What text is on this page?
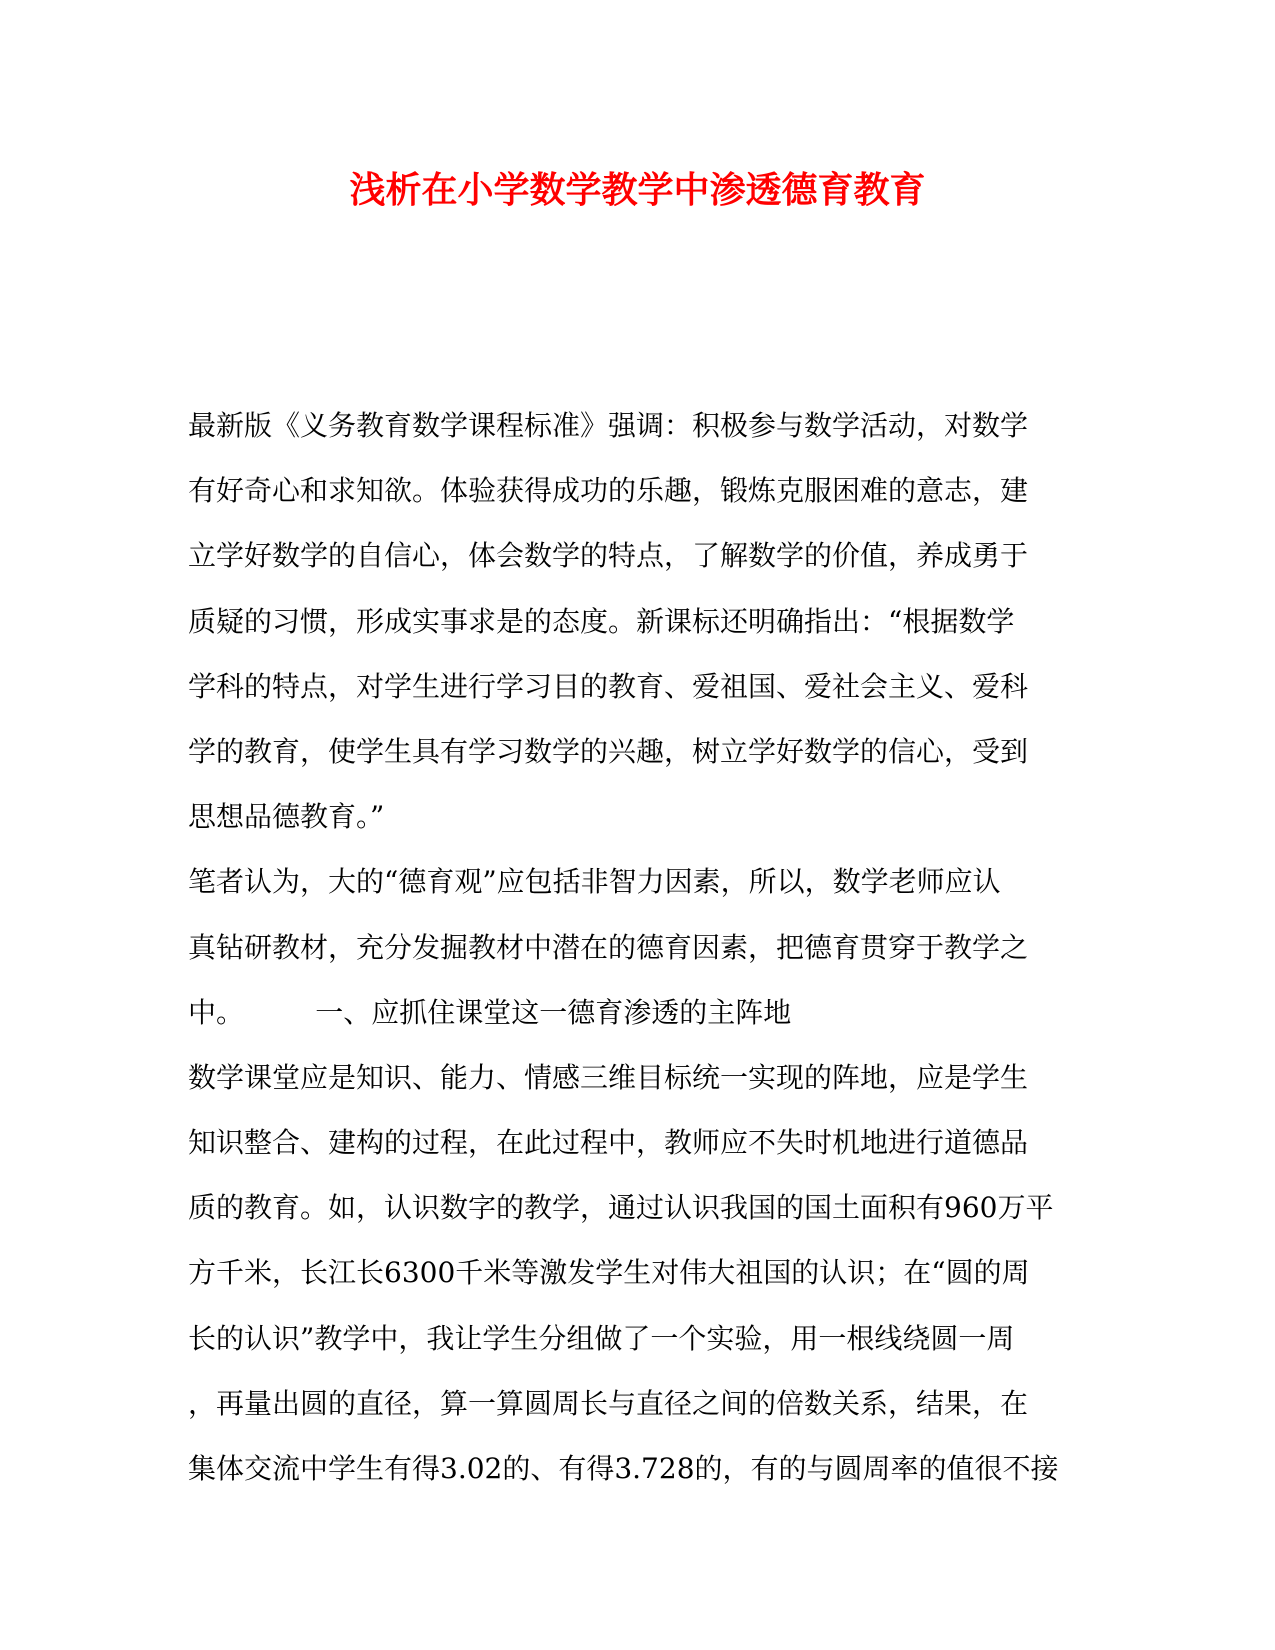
浅析在小学数学教学中渗透德育教育
最新版《义务教育数学课程标准》强调：积极参与数学活动，对数学
有好奇心和求知欲。体验获得成功的乐趣，锻炼克服困难的意志，建
立学好数学的自信心，体会数学的特点，了解数学的价值，养成勇于
质疑的习惯，形成实事求是的态度。新课标还明确指出：“根据数学
学科的特点，对学生进行学习目的教育、爱祖国、爱社会主义、爱科
学的教育，使学生具有学习数学的兴趣，树立学好数学的信心，受到
思想品德教育。”
笔者认为，大的“德育观”应包括非智力因素，所以，数学老师应认
真钻研教材，充分发掘教材中潜在的德育因素，把德育贯穿于教学之
中。        一、应抓住课堂这一德育渗透的主阵地
数学课堂应是知识、能力、情感三维目标统一实现的阵地，应是学生
知识整合、建构的过程，在此过程中，教师应不失时机地进行道德品
质的教育。如，认识数字的教学，通过认识我国的国土面积有960万平
方千米，长江长6300千米等激发学生对伟大祖国的认识；在“圆的周
长的认识”教学中，我让学生分组做了一个实验，用一根线绕圆一周
，再量出圆的直径，算一算圆周长与直径之间的倍数关系，结果，在
集体交流中学生有得3.02的、有得3.728的，有的与圆周率的值很不接
